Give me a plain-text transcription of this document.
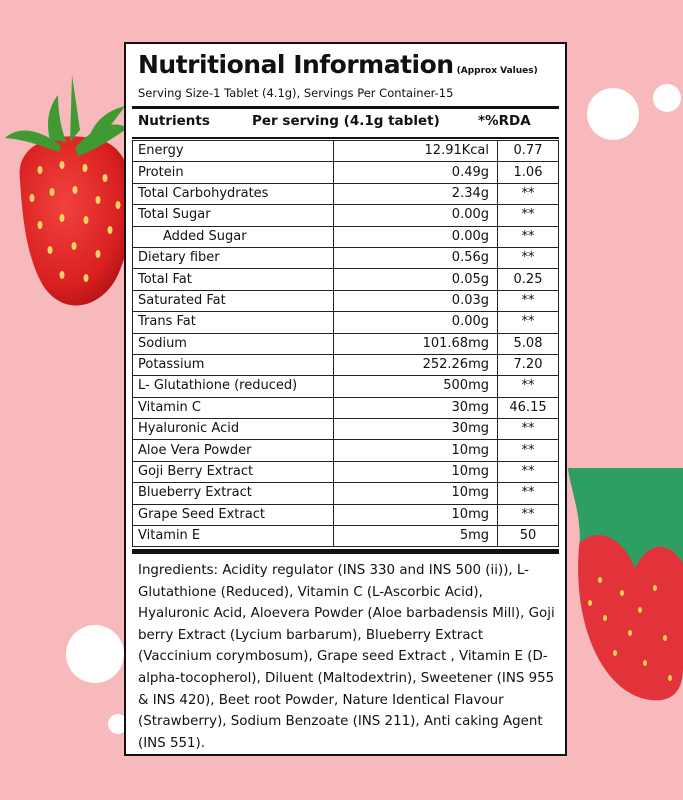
Nutritional Information (Approx Values)
Serving Size-1 Tablet (4.1g), Servings Per Container-15
Nutrients	Per serving (4.1g tablet)	*%RDA
Energy	12.91Kcal	0.77
Protein	0.49g	1.06
Total Carbohydrates	2.34g	**
Total Sugar	0.00g	**
Added Sugar	0.00g	**
Dietary fiber	0.56g	**
Total Fat	0.05g	0.25
Saturated Fat	0.03g	**
Trans Fat	0.00g	**
Sodium	101.68mg	5.08
Potassium	252.26mg	7.20
L- Glutathione (reduced)	500mg	**
Vitamin C	30mg	46.15
Hyaluronic Acid	30mg	**
Aloe Vera Powder	10mg	**
Goji Berry Extract	10mg	**
Blueberry Extract	10mg	**
Grape Seed Extract	10mg	**
Vitamin E	5mg	50
Ingredients: Acidity regulator (INS 330 and INS 500 (ii)), L-Glutathione (Reduced), Vitamin C (L-Ascorbic Acid), Hyaluronic Acid, Aloevera Powder (Aloe barbadensis Mill), Goji berry Extract (Lycium barbarum), Blueberry Extract (Vaccinium corymbosum), Grape seed Extract , Vitamin E (D-alpha-tocopherol), Diluent (Maltodextrin), Sweetener (INS 955 & INS 420), Beet root Powder, Nature Identical Flavour (Strawberry), Sodium Benzoate (INS 211), Anti caking Agent (INS 551).
